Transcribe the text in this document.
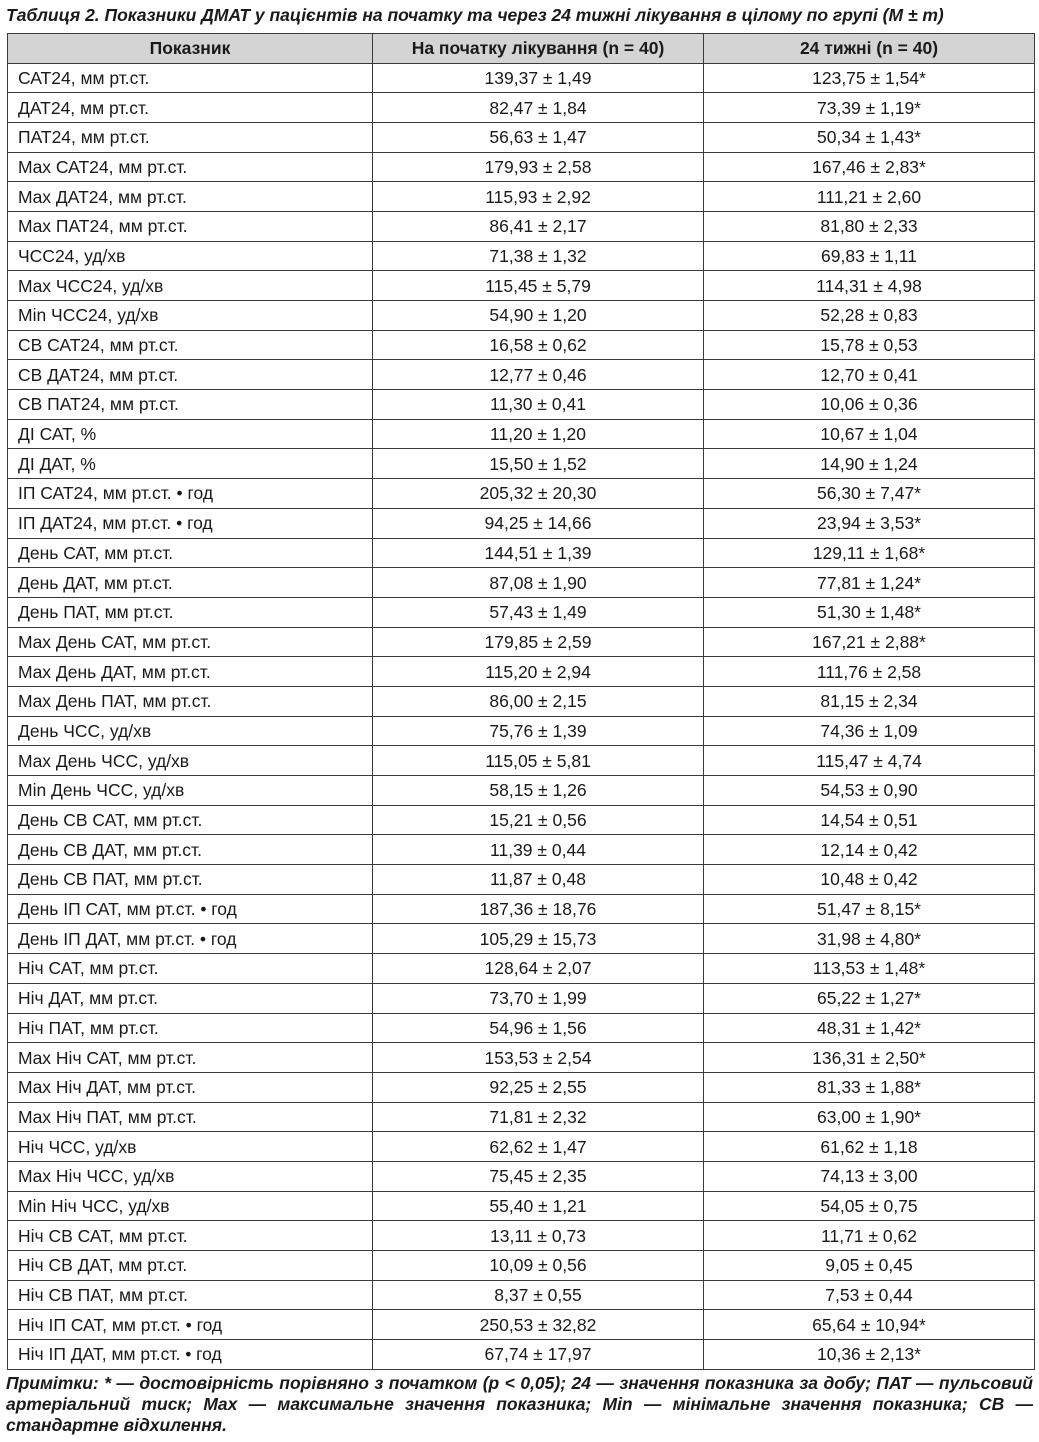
Таблиця 2. Показники ДМАТ у пацієнтів на початку та через 24 тижні лікування в цілому по групі (M ± m)
Показник	На початку лікування (n = 40)	24 тижні (n = 40)
САТ24, мм рт.ст.	139,37 ± 1,49	123,75 ± 1,54*
ДАТ24, мм рт.ст.	82,47 ± 1,84	73,39 ± 1,19*
ПАТ24, мм рт.ст.	56,63 ± 1,47	50,34 ± 1,43*
Max САТ24, мм рт.ст.	179,93 ± 2,58	167,46 ± 2,83*
Max ДАТ24, мм рт.ст.	115,93 ± 2,92	111,21 ± 2,60
Max ПАТ24, мм рт.ст.	86,41 ± 2,17	81,80 ± 2,33
ЧСС24, уд/хв	71,38 ± 1,32	69,83 ± 1,11
Max ЧСС24, уд/хв	115,45 ± 5,79	114,31 ± 4,98
Min ЧСС24, уд/хв	54,90 ± 1,20	52,28 ± 0,83
СВ САТ24, мм рт.ст.	16,58 ± 0,62	15,78 ± 0,53
СВ ДАТ24, мм рт.ст.	12,77 ± 0,46	12,70 ± 0,41
СВ ПАТ24, мм рт.ст.	11,30 ± 0,41	10,06 ± 0,36
ДІ САТ, %	11,20 ± 1,20	10,67 ± 1,04
ДІ ДАТ, %	15,50 ± 1,52	14,90 ± 1,24
ІП САТ24, мм рт.ст. • год	205,32 ± 20,30	56,30 ± 7,47*
ІП ДАТ24, мм рт.ст. • год	94,25 ± 14,66	23,94 ± 3,53*
День САТ, мм рт.ст.	144,51 ± 1,39	129,11 ± 1,68*
День ДАТ, мм рт.ст.	87,08 ± 1,90	77,81 ± 1,24*
День ПАТ, мм рт.ст.	57,43 ± 1,49	51,30 ± 1,48*
Max День САТ, мм рт.ст.	179,85 ± 2,59	167,21 ± 2,88*
Max День ДАТ, мм рт.ст.	115,20 ± 2,94	111,76 ± 2,58
Max День ПАТ, мм рт.ст.	86,00 ± 2,15	81,15 ± 2,34
День ЧСС, уд/хв	75,76 ± 1,39	74,36 ± 1,09
Max День ЧСС, уд/хв	115,05 ± 5,81	115,47 ± 4,74
Min День ЧСС, уд/хв	58,15 ± 1,26	54,53 ± 0,90
День СВ САТ, мм рт.ст.	15,21 ± 0,56	14,54 ± 0,51
День СВ ДАТ, мм рт.ст.	11,39 ± 0,44	12,14 ± 0,42
День СВ ПАТ, мм рт.ст.	11,87 ± 0,48	10,48 ± 0,42
День ІП САТ, мм рт.ст. • год	187,36 ± 18,76	51,47 ± 8,15*
День ІП ДАТ, мм рт.ст. • год	105,29 ± 15,73	31,98 ± 4,80*
Ніч САТ, мм рт.ст.	128,64 ± 2,07	113,53 ± 1,48*
Ніч ДАТ, мм рт.ст.	73,70 ± 1,99	65,22 ± 1,27*
Ніч ПАТ, мм рт.ст.	54,96 ± 1,56	48,31 ± 1,42*
Max Ніч САТ, мм рт.ст.	153,53 ± 2,54	136,31 ± 2,50*
Max Ніч ДАТ, мм рт.ст.	92,25 ± 2,55	81,33 ± 1,88*
Max Ніч ПАТ, мм рт.ст.	71,81 ± 2,32	63,00 ± 1,90*
Ніч ЧСС, уд/хв	62,62 ± 1,47	61,62 ± 1,18
Max Ніч ЧСС, уд/хв	75,45 ± 2,35	74,13 ± 3,00
Min Ніч ЧСС, уд/хв	55,40 ± 1,21	54,05 ± 0,75
Ніч СВ САТ, мм рт.ст.	13,11 ± 0,73	11,71 ± 0,62
Ніч СВ ДАТ, мм рт.ст.	10,09 ± 0,56	9,05 ± 0,45
Ніч СВ ПАТ, мм рт.ст.	8,37 ± 0,55	7,53 ± 0,44
Ніч ІП САТ, мм рт.ст. • год	250,53 ± 32,82	65,64 ± 10,94*
Ніч ІП ДАТ, мм рт.ст. • год	67,74 ± 17,97	10,36 ± 2,13*
Примітки: * — достовірність порівняно з початком (p < 0,05); 24 — значення показника за добу; ПАТ — пульсовий артеріальний тиск; Max — максимальне значення показника; Min — мінімальне значення показника; СВ — стандартне відхилення.
